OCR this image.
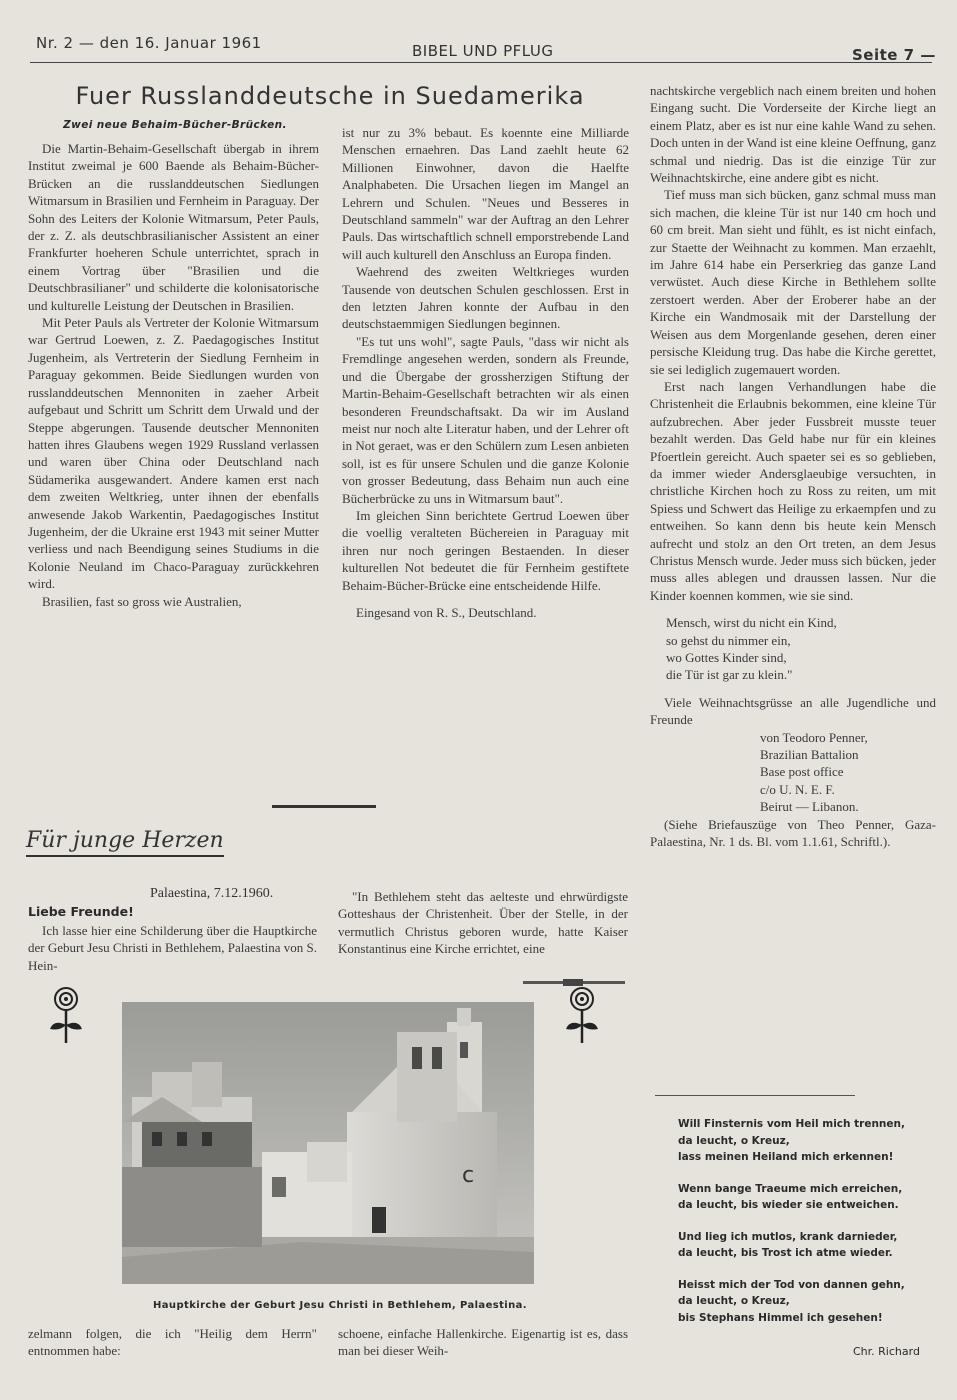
Nr. 2 — den 16. Januar 1961	BIBEL UND PFLUG	Seite 7 —
Fuer Russlanddeutsche in Suedamerika
Zwei neue Behaim-Bücher-Brücken.

Die Martin-Behaim-Gesellschaft übergab in ihrem Institut zweimal je 600 Baende als Behaim-Bücher-Brücken an die russlanddeutschen Siedlungen Witmarsum in Brasilien und Fernheim in Paraguay. Der Sohn des Leiters der Kolonie Witmarsum, Peter Pauls, der z. Z. als deutschbrasilianischer Assistent an einer Frankfurter hoeheren Schule unterrichtet, sprach in einem Vortrag über "Brasilien und die Deutschbrasilianer" und schilderte die kolonisatorische und kulturelle Leistung der Deutschen in Brasilien.

Mit Peter Pauls als Vertreter der Kolonie Witmarsum war Gertrud Loewen, z. Z. Paedagogisches Institut Jugenheim, als Vertreterin der Siedlung Fernheim in Paraguay gekommen. Beide Siedlungen wurden von russlanddeutschen Mennoniten in zaeher Arbeit aufgebaut und Schritt um Schritt dem Urwald und der Steppe abgerungen. Tausende deutscher Mennoniten hatten ihres Glaubens wegen 1929 Russland verlassen und waren über China oder Deutschland nach Südamerika ausgewandert. Andere kamen erst nach dem zweiten Weltkrieg, unter ihnen der ebenfalls anwesende Jakob Warkentin, Paedagogisches Institut Jugenheim, der die Ukraine erst 1943 mit seiner Mutter verliess und nach Beendigung seines Studiums in die Kolonie Neuland im Chaco-Paraguay zurückkehren wird.

Brasilien, fast so gross wie Australien,

ist nur zu 3% bebaut. Es koennte eine Milliarde Menschen ernaehren. Das Land zaehlt heute 62 Millionen Einwohner, davon die Haelfte Analphabeten. Die Ursachen liegen im Mangel an Lehrern und Schulen. "Neues und Besseres in Deutschland sammeln" war der Auftrag an den Lehrer Pauls. Das wirtschaftlich schnell emporstrebende Land will auch kulturell den Anschluss an Europa finden.

Waehrend des zweiten Weltkrieges wurden Tausende von deutschen Schulen geschlossen. Erst in den letzten Jahren konnte der Aufbau in den deutschstaemmigen Siedlungen beginnen.

"Es tut uns wohl", sagte Pauls, "dass wir nicht als Fremdlinge angesehen werden, sondern als Freunde, und die Übergabe der grossherzigen Stiftung der Martin-Behaim-Gesellschaft betrachten wir als einen besonderen Freundschaftsakt. Da wir im Ausland meist nur noch alte Literatur haben, und der Lehrer oft in Not geraet, was er den Schülern zum Lesen anbieten soll, ist es für unsere Schulen und die ganze Kolonie von grosser Bedeutung, dass Behaim nun auch eine Bücherbrücke zu uns in Witmarsum baut".

Im gleichen Sinn berichtete Gertrud Loewen über die voellig veralteten Büchereien in Paraguay mit ihren nur noch geringen Bestaenden. In dieser kulturellen Not bedeutet die für Fernheim gestiftete Behaim-Bücher-Brücke eine entscheidende Hilfe.

Eingesand von R. S., Deutschland.

Für junge Herzen
Palaestina, 7.12.1960.
Liebe Freunde!

Ich lasse hier eine Schilderung über die Hauptkirche der Geburt Jesu Christi in Bethlehem, Palaestina von S. Hein-

"In Bethlehem steht das aelteste und ehrwürdigste Gotteshaus der Christenheit. Über der Stelle, in der vermutlich Christus geboren wurde, hatte Kaiser Konstantinus eine Kirche errichtet, eine

c
Hauptkirche der Geburt Jesu Christi in Bethlehem, Palaestina.

zelmann folgen, die ich "Heilig dem Herrn" entnommen habe:

schoene, einfache Hallenkirche. Eigenartig ist es, dass man bei dieser Weih-

nachtskirche vergeblich nach einem breiten und hohen Eingang sucht. Die Vorderseite der Kirche liegt an einem Platz, aber es ist nur eine kahle Wand zu sehen. Doch unten in der Wand ist eine kleine Oeffnung, ganz schmal und niedrig. Das ist die einzige Tür zur Weihnachtskirche, eine andere gibt es nicht.

Tief muss man sich bücken, ganz schmal muss man sich machen, die kleine Tür ist nur 140 cm hoch und 60 cm breit. Man sieht und fühlt, es ist nicht einfach, zur Staette der Weihnacht zu kommen. Man erzaehlt, im Jahre 614 habe ein Perserkrieg das ganze Land verwüstet. Auch diese Kirche in Bethlehem sollte zerstoert werden. Aber der Eroberer habe an der Kirche ein Wandmosaik mit der Darstellung der Weisen aus dem Morgenlande gesehen, deren einer persische Kleidung trug. Das habe die Kirche gerettet, sie sei lediglich zugemauert worden.

Erst nach langen Verhandlungen habe die Christenheit die Erlaubnis bekommen, eine kleine Tür aufzubrechen. Aber jeder Fussbreit musste teuer bezahlt werden. Das Geld habe nur für ein kleines Pfoertlein gereicht. Auch spaeter sei es so geblieben, da immer wieder Andersglaeubige versuchten, in christliche Kirchen hoch zu Ross zu reiten, um mit Spiess und Schwert das Heilige zu erkaempfen und zu entweihen. So kann denn bis heute kein Mensch aufrecht und stolz an den Ort treten, an dem Jesus Christus Mensch wurde. Jeder muss sich bücken, jeder muss alles ablegen und draussen lassen. Nur die Kinder koennen kommen, wie sie sind.

Mensch, wirst du nicht ein Kind,
so gehst du nimmer ein,
wo Gottes Kinder sind,
die Tür ist gar zu klein."

Viele Weihnachtsgrüsse an alle Jugendliche und Freunde

von Teodoro Penner,
Brazilian Battalion
Base post office
c/o U. N. E. F.
Beirut — Libanon.

(Siehe Briefauszüge von Theo Penner, Gaza-Palaestina, Nr. 1 ds. Bl. vom 1.1.61, Schriftl.).

Will Finsternis vom Heil mich trennen,
da leucht, o Kreuz,
lass meinen Heiland mich erkennen!

Wenn bange Traeume mich erreichen,
da leucht, bis wieder sie entweichen.

Und lieg ich mutlos, krank darnieder,
da leucht, bis Trost ich atme wieder.

Heisst mich der Tod von dannen gehn,
da leucht, o Kreuz,
bis Stephans Himmel ich gesehen!

Chr. Richard
